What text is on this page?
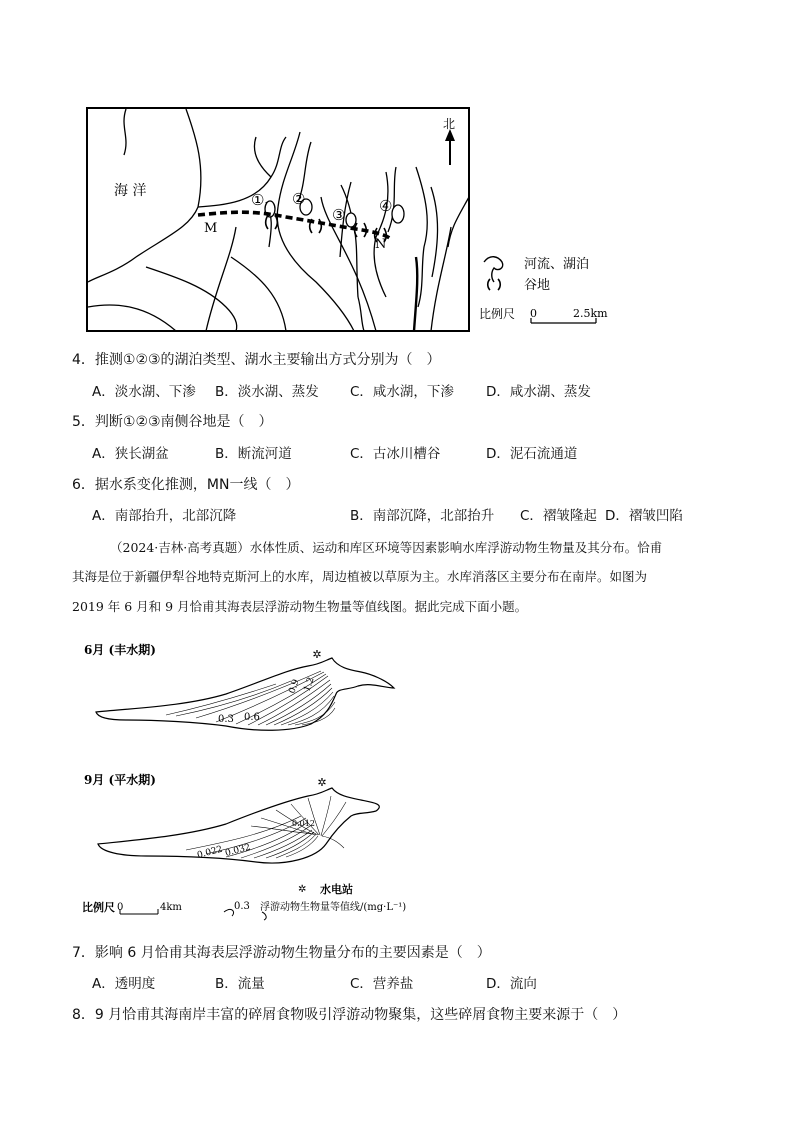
北
海 洋
M
N
① ②
③ ④
河流、湖泊
谷地
比例尺 0	2.5km
4．推测①②③的湖泊类型、湖水主要输出方式分别为（　）
A．淡水湖、下渗 B．淡水湖、蒸发 C．咸水湖，下渗 D．咸水湖、蒸发
5．判断①②③南侧谷地是（　）
A．狭长湖盆	B．断流河道	C．古冰川槽谷	D．泥石流通道
6．据水系变化推测，MN一线（　）
A．南部抬升，北部沉降	B．南部沉降，北部抬升 C．褶皱隆起 D．褶皱凹陷
（2024·吉林·高考真题）水体性质、运动和库区环境等因素影响水库浮游动物生物量及其分布。恰甫
其海是位于新疆伊犁谷地特克斯河上的水库，周边植被以草原为主。水库消落区主要分布在南岸。如图为
2019 年 6 月和 9 月恰甫其海表层浮游动物生物量等值线图。据此完成下面小题。
6月 (丰水期)
0.3 0.6
0.9 1.2
✲
9月 (平水期)
0.022 0.032
0.012
✲
✲ 水电站
比例尺 0	4km	0.3 浮游动物生物量等值线/(mg·L⁻¹)
7．影响 6 月恰甫其海表层浮游动物生物量分布的主要因素是（　）
A．透明度	B．流量	C．营养盐	D．流向
8．9 月恰甫其海南岸丰富的碎屑食物吸引浮游动物聚集，这些碎屑食物主要来源于（　）
